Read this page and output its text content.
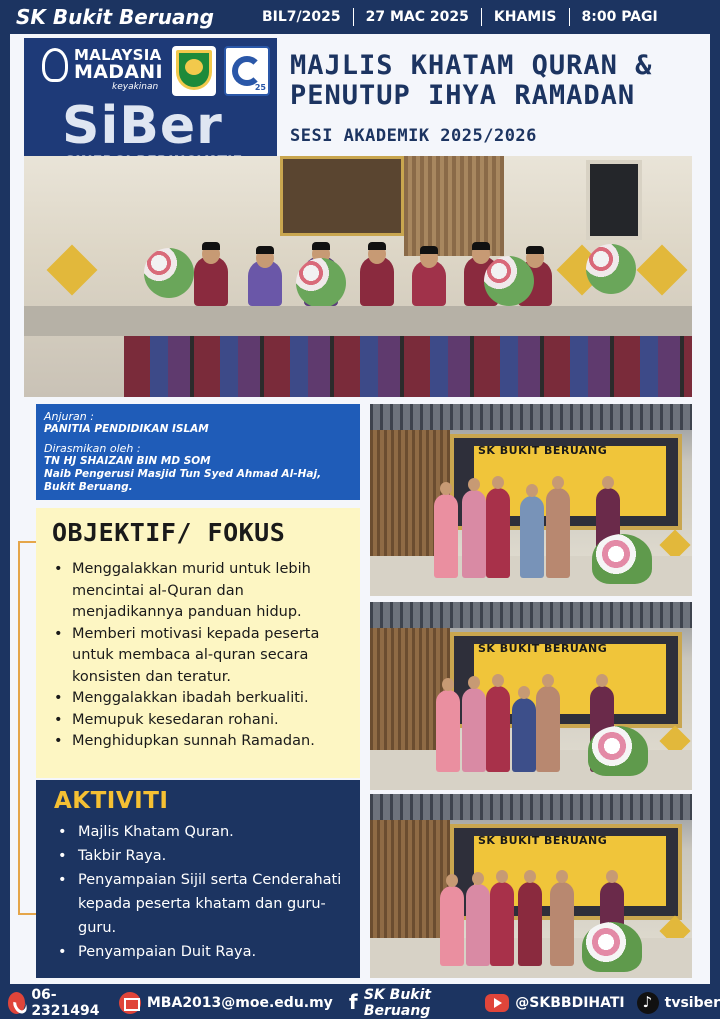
SK Bukit Beruang	BIL7/2025	27 MAC 2025	KHAMIS	8:00 PAGI
MALAYSIA
MADANI
keyakinan	25
SiBer
MAJLIS KHATAM QURAN &
PENUTUP IHYA RAMADAN
SESI AKADEMIK 2025/2026
Anjuran :
PANITIA PENDIDIKAN ISLAM
Dirasmikan oleh :
TN HJ SHAIZAN BIN MD SOM
Naib Pengerusi Masjid Tun Syed Ahmad Al-Haj,
Bukit Beruang.
OBJEKTIF/ FOKUS
• Menggalakkan murid untuk lebih mencintai al-Quran dan menjadikannya panduan hidup.
• Memberi motivasi kepada peserta untuk membaca al-quran secara konsisten dan teratur.
• Menggalakkan ibadah berkualiti.
• Memupuk kesedaran rohani.
• Menghidupkan sunnah Ramadan.
AKTIVITI
• Majlis Khatam Quran.
• Takbir Raya.
• Penyampaian Sijil serta Cenderahati kepada peserta khatam dan guru-guru.
• Penyampaian Duit Raya.
SK BUKIT BERUANG
SK BUKIT BERUANG
SK BUKIT BERUANG
06-2321494	MBA2013@moe.edu.my f SK Bukit Beruang	@SKBBDIHATI ♪	tvsiber
